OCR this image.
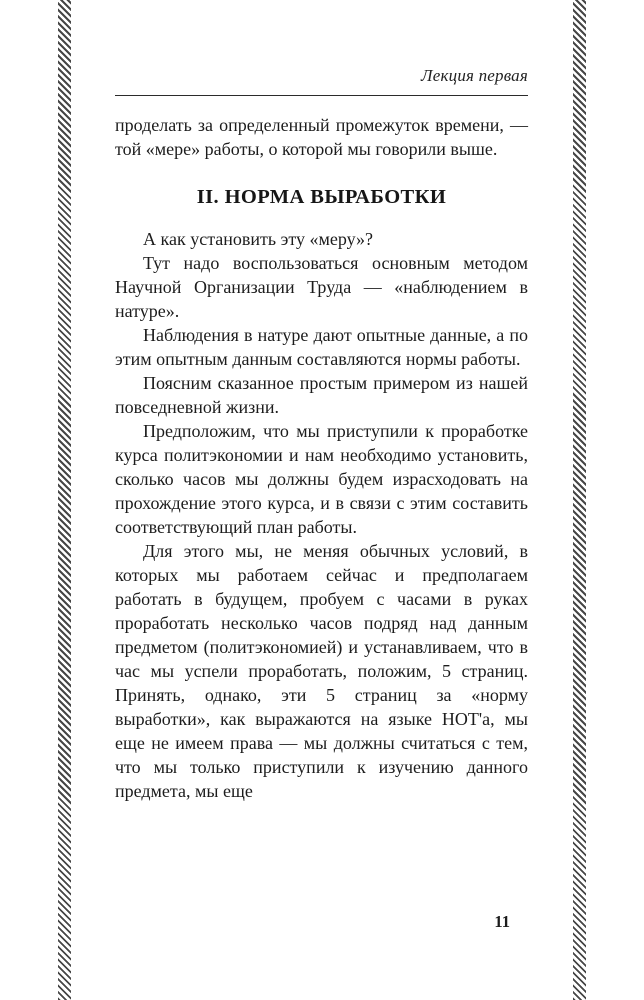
Лекция первая

проделать за определенный промежуток времени, — той «мере» работы, о которой мы говорили выше.

II. НОРМА ВЫРАБОТКИ

А как установить эту «меру»?

Тут надо воспользоваться основным методом Научной Организации Труда — «наблюдением в натуре».

Наблюдения в натуре дают опытные данные, а по этим опытным данным составляются нормы работы.

Поясним сказанное простым примером из нашей повседневной жизни.

Предположим, что мы приступили к проработке курса политэкономии и нам необходимо установить, сколько часов мы должны будем израсходовать на прохождение этого курса, и в связи с этим составить соответствующий план работы.

Для этого мы, не меняя обычных условий, в которых мы работаем сейчас и предполагаем работать в будущем, пробуем с часами в руках проработать несколько часов подряд над данным предметом (политэкономией) и устанавливаем, что в час мы успели проработать, положим, 5 страниц. Принять, однако, эти 5 страниц за «норму выработки», как выражаются на языке НОТ'а, мы еще не имеем права — мы должны считаться с тем, что мы только приступили к изучению данного предмета, мы еще

11
